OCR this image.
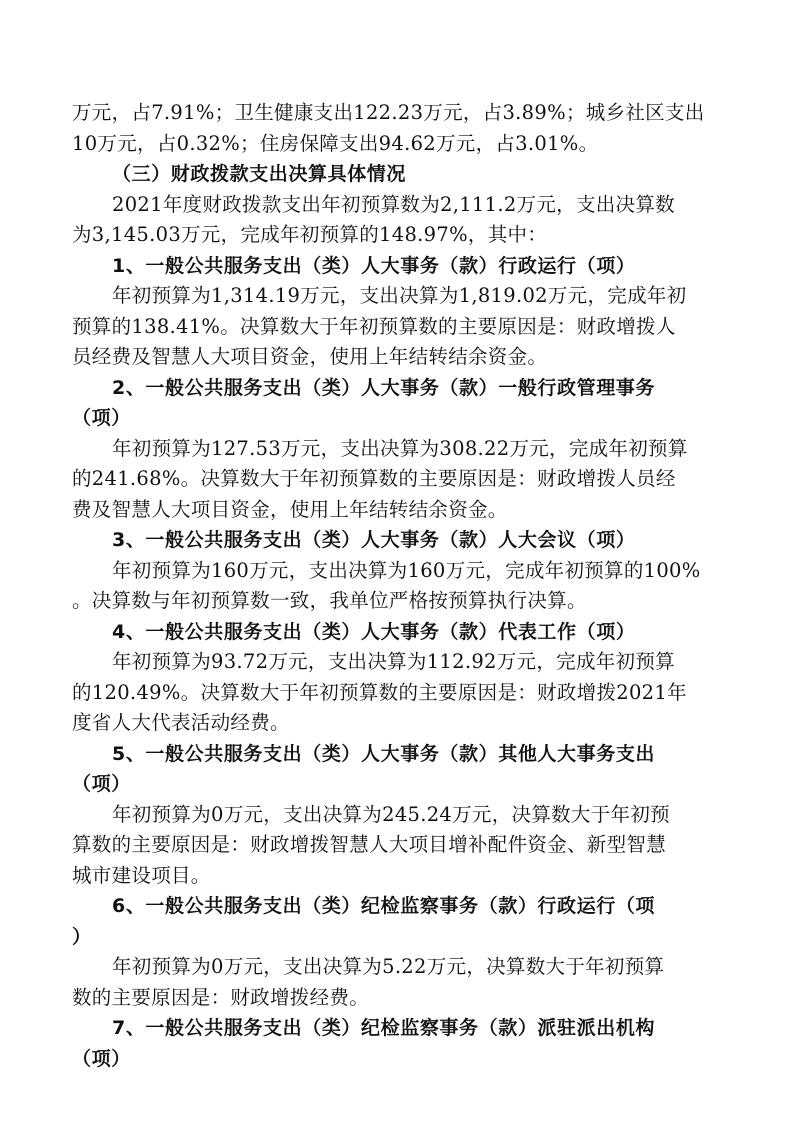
万元，占7.91%；卫生健康支出122.23万元，占3.89%；城乡社区支出
10万元，占0.32%；住房保障支出94.62万元，占3.01%。
（三）财政拨款支出决算具体情况
2021年度财政拨款支出年初预算数为2,111.2万元，支出决算数
为3,145.03万元，完成年初预算的148.97%，其中：
1、一般公共服务支出（类）人大事务（款）行政运行（项）
年初预算为1,314.19万元，支出决算为1,819.02万元，完成年初
预算的138.41%。决算数大于年初预算数的主要原因是：财政增拨人
员经费及智慧人大项目资金，使用上年结转结余资金。
2、一般公共服务支出（类）人大事务（款）一般行政管理事务
（项）
年初预算为127.53万元，支出决算为308.22万元，完成年初预算
的241.68%。决算数大于年初预算数的主要原因是：财政增拨人员经
费及智慧人大项目资金，使用上年结转结余资金。
3、一般公共服务支出（类）人大事务（款）人大会议（项）
年初预算为160万元，支出决算为160万元，完成年初预算的100%
。决算数与年初预算数一致，我单位严格按预算执行决算。
4、一般公共服务支出（类）人大事务（款）代表工作（项）
年初预算为93.72万元，支出决算为112.92万元，完成年初预算
的120.49%。决算数大于年初预算数的主要原因是：财政增拨2021年
度省人大代表活动经费。
5、一般公共服务支出（类）人大事务（款）其他人大事务支出
（项）
年初预算为0万元，支出决算为245.24万元，决算数大于年初预
算数的主要原因是：财政增拨智慧人大项目增补配件资金、新型智慧
城市建设项目。
6、一般公共服务支出（类）纪检监察事务（款）行政运行（项
）
年初预算为0万元，支出决算为5.22万元，决算数大于年初预算
数的主要原因是：财政增拨经费。
7、一般公共服务支出（类）纪检监察事务（款）派驻派出机构
（项）
